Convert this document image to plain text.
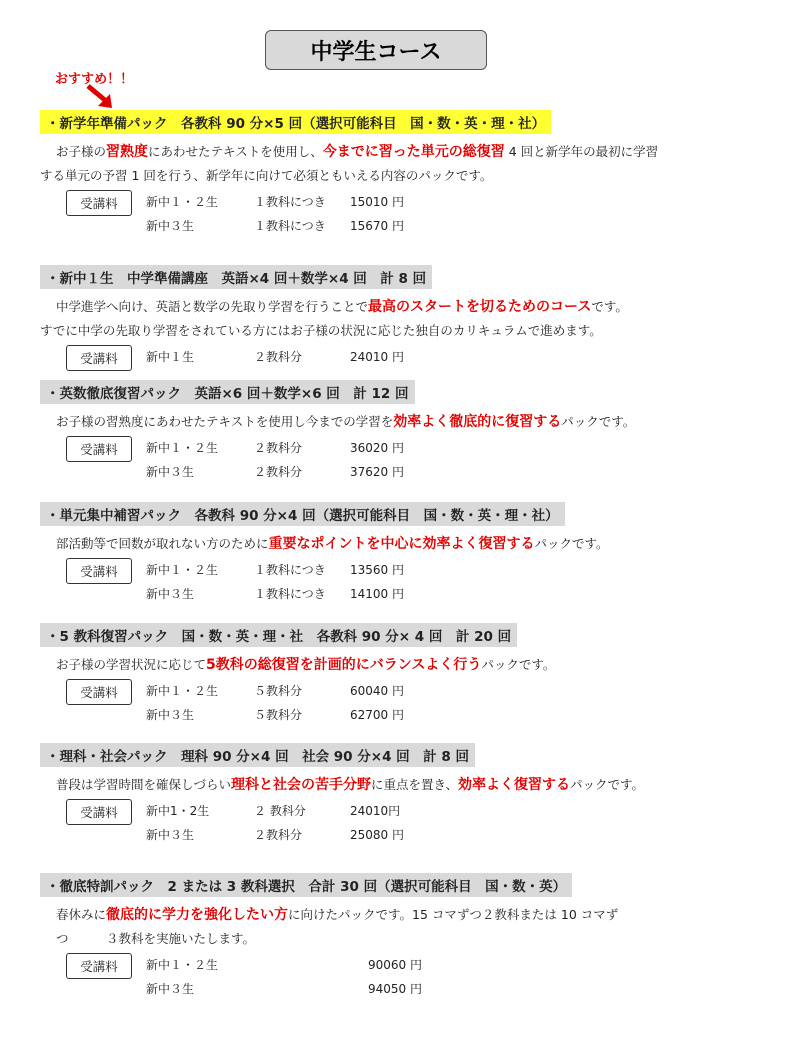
中学生コース
おすすめ！！
・新学年準備パック　各教科 90 分×5 回（選択可能科目　国・数・英・理・社）
お子様の習熟度にあわせたテキストを使用し、今までに習った単元の総復習 4 回と新学年の最初に学習
する単元の予習 1 回を行う、新学年に向けて必須ともいえる内容のパックです。
受講料	新中１・２生	１教科につき 15010 円
新中３生	１教科につき 15670 円
・新中１生　中学準備講座　英語×4 回＋数学×4 回　計 8 回
中学進学へ向け、英語と数学の先取り学習を行うことで最高のスタートを切るためのコースです。
すでに中学の先取り学習をされている方にはお子様の状況に応じた独自のカリキュラムで進めます。
受講料	新中１生	２教科分	24010 円
・英数徹底復習パック　英語×6 回＋数学×6 回　計 12 回
お子様の習熟度にあわせたテキストを使用し今までの学習を効率よく徹底的に復習するパックです。
受講料	新中１・２生	２教科分	36020 円
新中３生	２教科分	37620 円
・単元集中補習パック　各教科 90 分×4 回（選択可能科目　国・数・英・理・社）
部活動等で回数が取れない方のために重要なポイントを中心に効率よく復習するパックです。
受講料	新中１・２生	１教科につき 13560 円
新中３生	１教科につき 14100 円
・5 教科復習パック　国・数・英・理・社　各教科 90 分× 4 回　計 20 回
お子様の学習状況に応じて5教科の総復習を計画的にバランスよく行うパックです。
受講料	新中１・２生	５教科分	60040 円
新中３生	５教科分	62700 円
・理科・社会パック　理科 90 分×4 回　社会 90 分×4 回　計 8 回
普段は学習時間を確保しづらい理科と社会の苦手分野に重点を置き、効率よく復習するパックです。
受講料	新中1・2生	２ 教科分	24010円
新中３生	２教科分	25080 円
・徹底特訓パック　2 または 3 教科選択　合計 30 回（選択可能科目　国・数・英）
春休みに徹底的に学力を強化したい方に向けたパックです。15 コマずつ２教科または 10 コマず
つ　　　３教科を実施いたします。
受講料	新中１・２生	90060 円
新中３生	94050 円
